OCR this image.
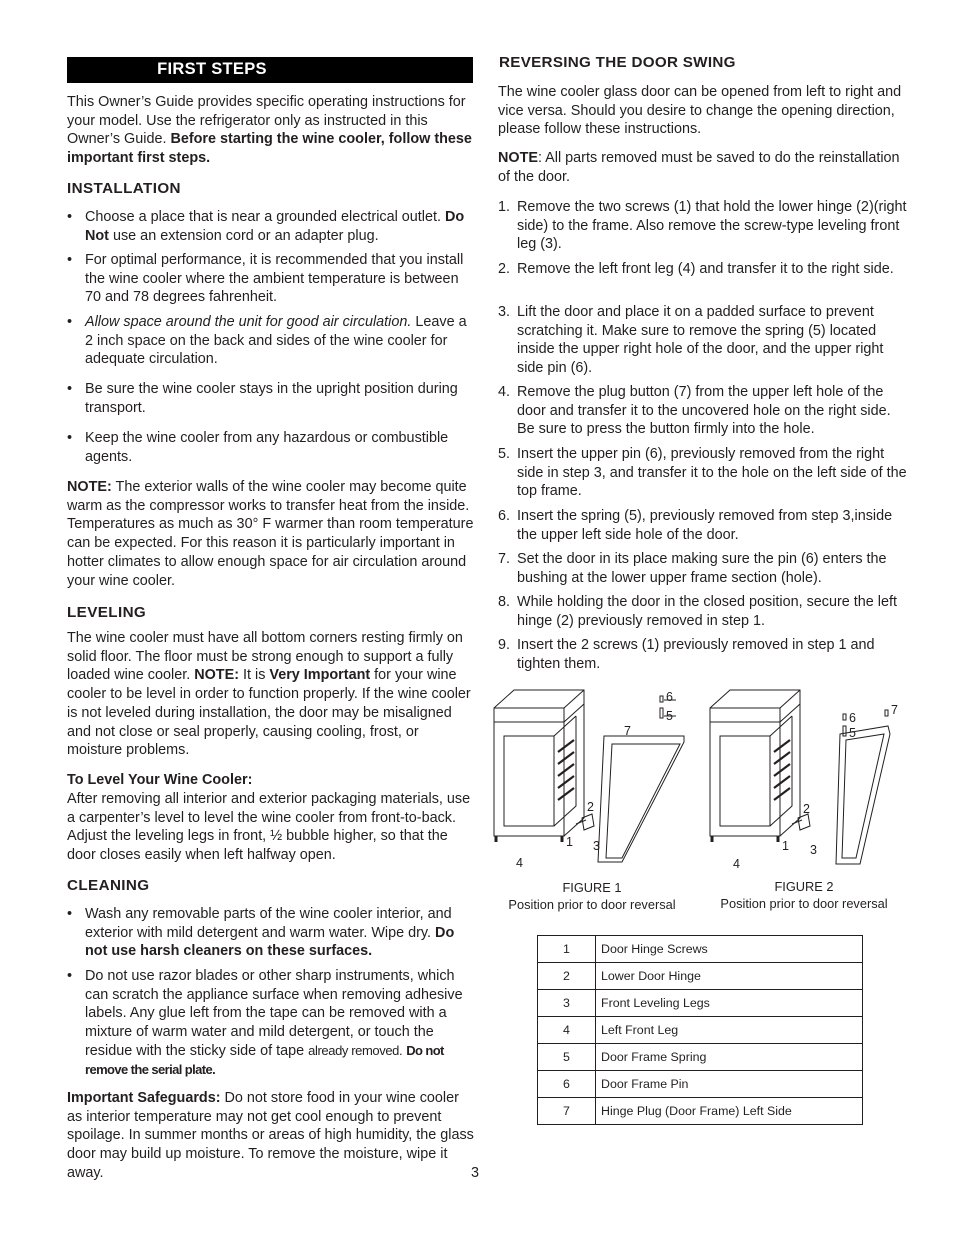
FIRST STEPS

This Owner’s Guide provides specific operating instructions for your model. Use the refrigerator only as instructed in this Owner’s Guide. Before starting the wine cooler, follow these important first steps.

INSTALLATION

• Choose a place that is near a grounded electrical outlet. Do Not use an extension cord or an adapter plug.

• For optimal performance, it is recommended that you install the wine cooler where the ambient temperature is between 70 and 78 degrees fahrenheit.

• Allow space around the unit for good air circulation. Leave a 2 inch space on the back and sides of the wine cooler for adequate circulation.

• Be sure the wine cooler stays in the upright position during transport.

• Keep the wine cooler from any hazardous or combustible agents.

NOTE: The exterior walls of the wine cooler may become quite warm as the compressor works to transfer heat from the inside. Temperatures as much as 30° F warmer than room temperature can be expected. For this reason it is particularly important in hotter climates to allow enough space for air circulation around your wine cooler.

LEVELING

The wine cooler must have all bottom corners resting firmly on solid floor. The floor must be strong enough to support a fully loaded wine cooler. NOTE: It is Very Important for your wine cooler to be level in order to function properly. If the wine cooler is not leveled during installation, the door may be misaligned and not close or seal properly, causing cooling, frost, or moisture problems.

To Level Your Wine Cooler:

After removing all interior and exterior packaging materials, use a carpenter’s level to level the wine cooler from front-to-back. Adjust the leveling legs in front, ½ bubble higher, so that the door closes easily when left halfway open.

CLEANING

• Wash any removable parts of the wine cooler interior, and exterior with mild detergent and warm water. Wipe dry. Do not use harsh cleaners on these surfaces.

• Do not use razor blades or other sharp instruments, which can scratch the appliance surface when removing adhesive labels. Any glue left from the tape can be removed with a mixture of warm water and mild detergent, or touch the residue with the sticky side of tape already removed. Do not remove the serial plate.

Important Safeguards: Do not store food in your wine cooler as interior temperature may not get cool enough to prevent spoilage. In summer months or areas of high humidity, the glass door may build up moisture. To remove the moisture, wipe it away.	3
REVERSING THE DOOR SWING

The wine cooler glass door can be opened from left to right and vice versa. Should you desire to change the opening direction, please follow these instructions.

NOTE: All parts removed must be saved to do the reinstallation of the door.

1. Remove the two screws (1) that hold the lower hinge (2)(right side) to the frame. Also remove the screw-type leveling front leg (3).

2. Remove the left front leg (4) and transfer it to the right side.

3. Lift the door and place it on a padded surface to prevent scratching it. Make sure to remove the spring (5) located inside the upper right hole of the door, and the upper right side pin (6).

4. Remove the plug button (7) from the upper left hole of the door and transfer it to the uncovered hole on the right side. Be sure to press the button firmly into the hole.

5. Insert the upper pin (6), previously removed from the right side in step 3, and transfer it to the hole on the left side of the top frame.

6. Insert the spring (5), previously removed from step 3,inside the upper left side hole of the door.

7. Set the door in its place making sure the pin (6) enters the bushing at the lower upper frame section (hole).

8. While holding the door in the closed position, secure the left hinge (2) previously removed in step 1.

9. Insert the 2 screws (1) previously removed in step 1 and tighten them.

6
5
7
2
1 3
4
6
5
7
2
1 3
4
FIGURE 1
Position prior to door reversal
FIGURE 2
Position prior to door reversal
1	Door Hinge Screws
2	Lower Door Hinge
3	Front Leveling Legs
4	Left Front Leg
5	Door Frame Spring
6	Door Frame Pin
7	Hinge Plug (Door Frame) Left Side
